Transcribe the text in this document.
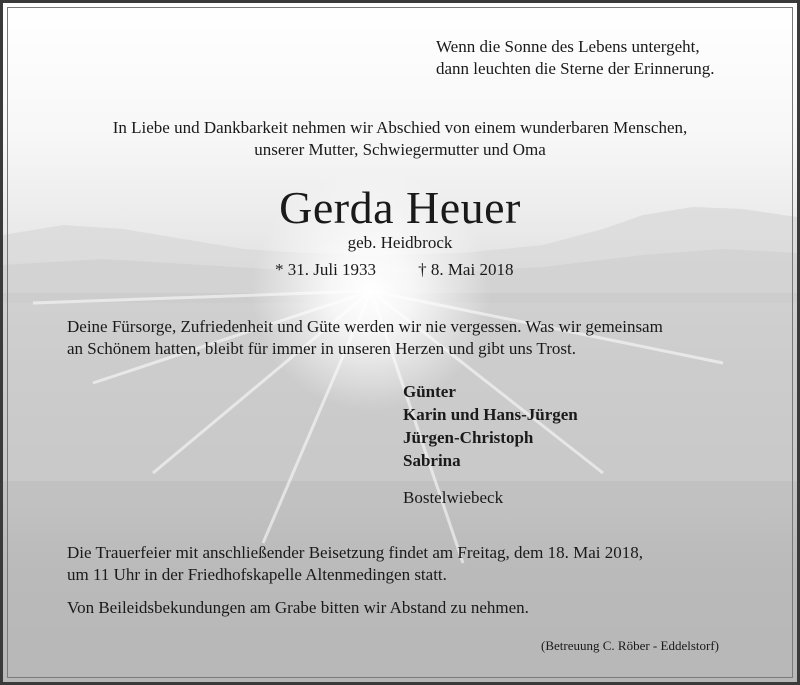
Wenn die Sonne des Lebens untergeht,
dann leuchten die Sterne der Erinnerung.
In Liebe und Dankbarkeit nehmen wir Abschied von einem wunderbaren Menschen,
unserer Mutter, Schwiegermutter und Oma
Gerda Heuer
geb. Heidbrock
* 31. Juli 1933 † 8. Mai 2018
Deine Fürsorge, Zufriedenheit und Güte werden wir nie vergessen. Was wir gemeinsam
an Schönem hatten, bleibt für immer in unseren Herzen und gibt uns Trost.
Günter
Karin und Hans-Jürgen
Jürgen-Christoph
Sabrina
Bostelwiebeck
Die Trauerfeier mit anschließender Beisetzung findet am Freitag, dem 18. Mai 2018,
um 11 Uhr in der Friedhofskapelle Altenmedingen statt.
Von Beileidsbekundungen am Grabe bitten wir Abstand zu nehmen.
(Betreuung C. Röber - Eddelstorf)
